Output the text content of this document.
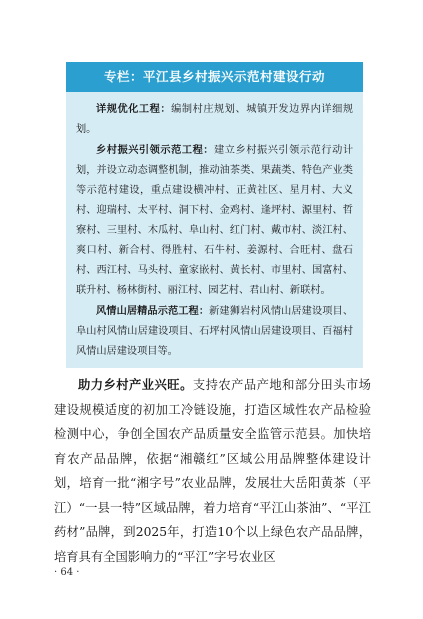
专栏：平江县乡村振兴示范村建设行动

详规优化工程：编制村庄规划、城镇开发边界内详细规划。

乡村振兴引领示范工程：建立乡村振兴引领示范行动计划，并设立动态调整机制，推动油茶类、果蔬类、特色产业类等示范村建设，重点建设横冲村、正黄社区、星月村、大义村、迎瑞村、太平村、洞下村、金鸡村、逢坪村、源里村、哲寮村、三里村、木瓜村、阜山村、红门村、戴市村、淡江村、爽口村、新合村、得胜村、石牛村、姜源村、合旺村、盘石村、西江村、马头村、童家嵌村、黄长村、市里村、国富村、联升村、杨林街村、丽江村、园艺村、君山村、新联村。

风情山居精品示范工程：新建狮岩村风情山居建设项目、阜山村风情山居建设项目、石坪村风情山居建设项目、百福村风情山居建设项目等。

助力乡村产业兴旺。支持农产品产地和部分田头市场建设规模适度的初加工冷链设施，打造区域性农产品检验检测中心，争创全国农产品质量安全监管示范县。加快培育农产品品牌，依据“湘赣红”区域公用品牌整体建设计划，培育一批“湘字号”农业品牌，发展壮大岳阳黄茶（平江）“一县一特”区域品牌，着力培育“平江山茶油”、“平江药材”品牌，到2025年，打造10个以上绿色农产品品牌，培育具有全国影响力的“平江”字号农业区

· 64 ·
